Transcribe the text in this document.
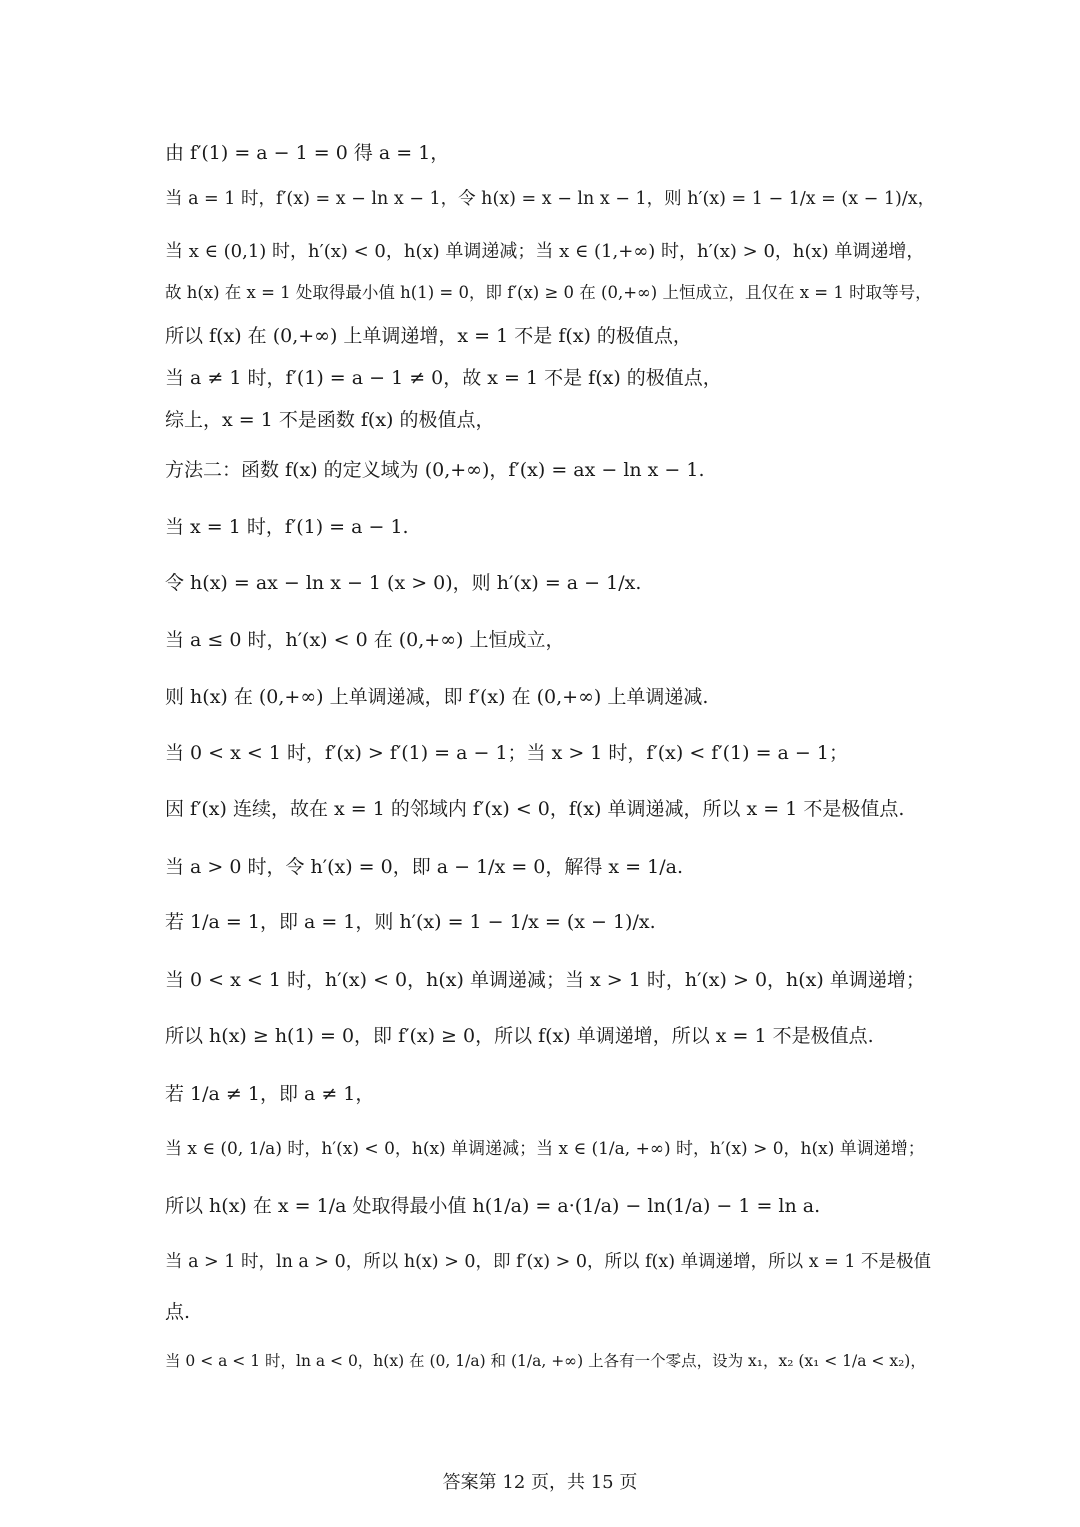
由 f′(1) = a − 1 = 0 得 a = 1，
当 a = 1 时，f′(x) = x − ln x − 1，令 h(x) = x − ln x − 1，则 h′(x) = 1 − 1/x = (x − 1)/x，
当 x ∈ (0,1) 时，h′(x) < 0，h(x) 单调递减；当 x ∈ (1,+∞) 时，h′(x) > 0，h(x) 单调递增，
故 h(x) 在 x = 1 处取得最小值 h(1) = 0，即 f′(x) ≥ 0 在 (0,+∞) 上恒成立，且仅在 x = 1 时取等号，
所以 f(x) 在 (0,+∞) 上单调递增，x = 1 不是 f(x) 的极值点，
当 a ≠ 1 时，f′(1) = a − 1 ≠ 0，故 x = 1 不是 f(x) 的极值点，
综上，x = 1 不是函数 f(x) 的极值点，
方法二：函数 f(x) 的定义域为 (0,+∞)，f′(x) = ax − ln x − 1.
当 x = 1 时，f′(1) = a − 1.
令 h(x) = ax − ln x − 1 (x > 0)，则 h′(x) = a − 1/x.
当 a ≤ 0 时，h′(x) < 0 在 (0,+∞) 上恒成立，
则 h(x) 在 (0,+∞) 上单调递减，即 f′(x) 在 (0,+∞) 上单调递减.
当 0 < x < 1 时，f′(x) > f′(1) = a − 1；当 x > 1 时，f′(x) < f′(1) = a − 1；
因 f′(x) 连续，故在 x = 1 的邻域内 f′(x) < 0，f(x) 单调递减，所以 x = 1 不是极值点.
当 a > 0 时，令 h′(x) = 0，即 a − 1/x = 0，解得 x = 1/a.
若 1/a = 1，即 a = 1，则 h′(x) = 1 − 1/x = (x − 1)/x.
当 0 < x < 1 时，h′(x) < 0，h(x) 单调递减；当 x > 1 时，h′(x) > 0，h(x) 单调递增；
所以 h(x) ≥ h(1) = 0，即 f′(x) ≥ 0，所以 f(x) 单调递增，所以 x = 1 不是极值点.
若 1/a ≠ 1，即 a ≠ 1，
当 x ∈ (0, 1/a) 时，h′(x) < 0，h(x) 单调递减；当 x ∈ (1/a, +∞) 时，h′(x) > 0，h(x) 单调递增；
所以 h(x) 在 x = 1/a 处取得最小值 h(1/a) = a·(1/a) − ln(1/a) − 1 = ln a.
当 a > 1 时，ln a > 0，所以 h(x) > 0，即 f′(x) > 0，所以 f(x) 单调递增，所以 x = 1 不是极值
点.
当 0 < a < 1 时，ln a < 0，h(x) 在 (0, 1/a) 和 (1/a, +∞) 上各有一个零点，设为 x₁，x₂ (x₁ < 1/a < x₂)，
答案第 12 页，共 15 页
